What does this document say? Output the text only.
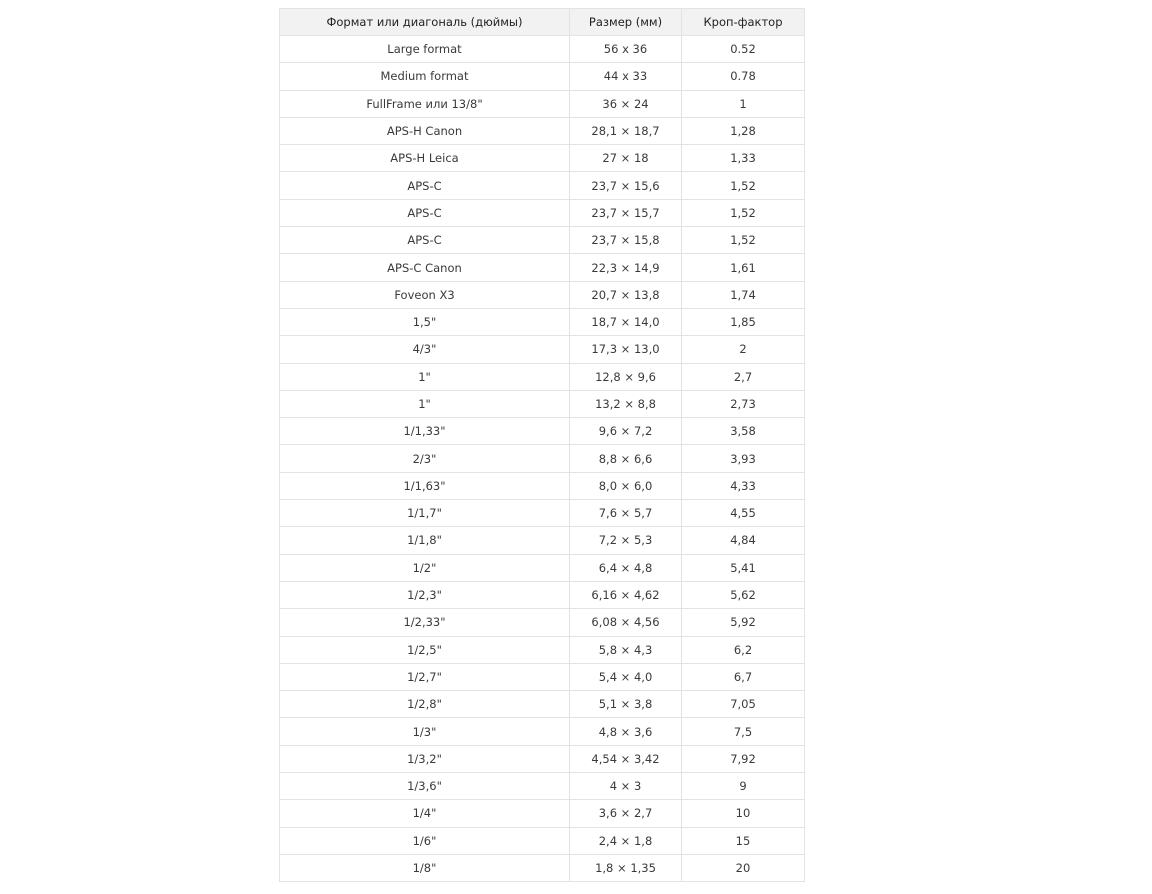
Формат или диагональ (дюймы)	Размер (мм)	Кроп-фактор
Large format	56 x 36	0.52
Medium format	44 x 33	0.78
FullFrame или 13/8"	36 × 24	1
APS-H Canon	28,1 × 18,7	1,28
APS-H Leica	27 × 18	1,33
APS-C	23,7 × 15,6	1,52
APS-C	23,7 × 15,7	1,52
APS-C	23,7 × 15,8	1,52
APS-C Canon	22,3 × 14,9	1,61
Foveon X3	20,7 × 13,8	1,74
1,5"	18,7 × 14,0	1,85
4/3"	17,3 × 13,0	2
1"	12,8 × 9,6	2,7
1"	13,2 × 8,8	2,73
1/1,33"	9,6 × 7,2	3,58
2/3"	8,8 × 6,6	3,93
1/1,63"	8,0 × 6,0	4,33
1/1,7"	7,6 × 5,7	4,55
1/1,8"	7,2 × 5,3	4,84
1/2"	6,4 × 4,8	5,41
1/2,3"	6,16 × 4,62	5,62
1/2,33"	6,08 × 4,56	5,92
1/2,5"	5,8 × 4,3	6,2
1/2,7"	5,4 × 4,0	6,7
1/2,8"	5,1 × 3,8	7,05
1/3"	4,8 × 3,6	7,5
1/3,2"	4,54 × 3,42	7,92
1/3,6"	4 × 3	9
1/4"	3,6 × 2,7	10
1/6"	2,4 × 1,8	15
1/8"	1,8 × 1,35	20
